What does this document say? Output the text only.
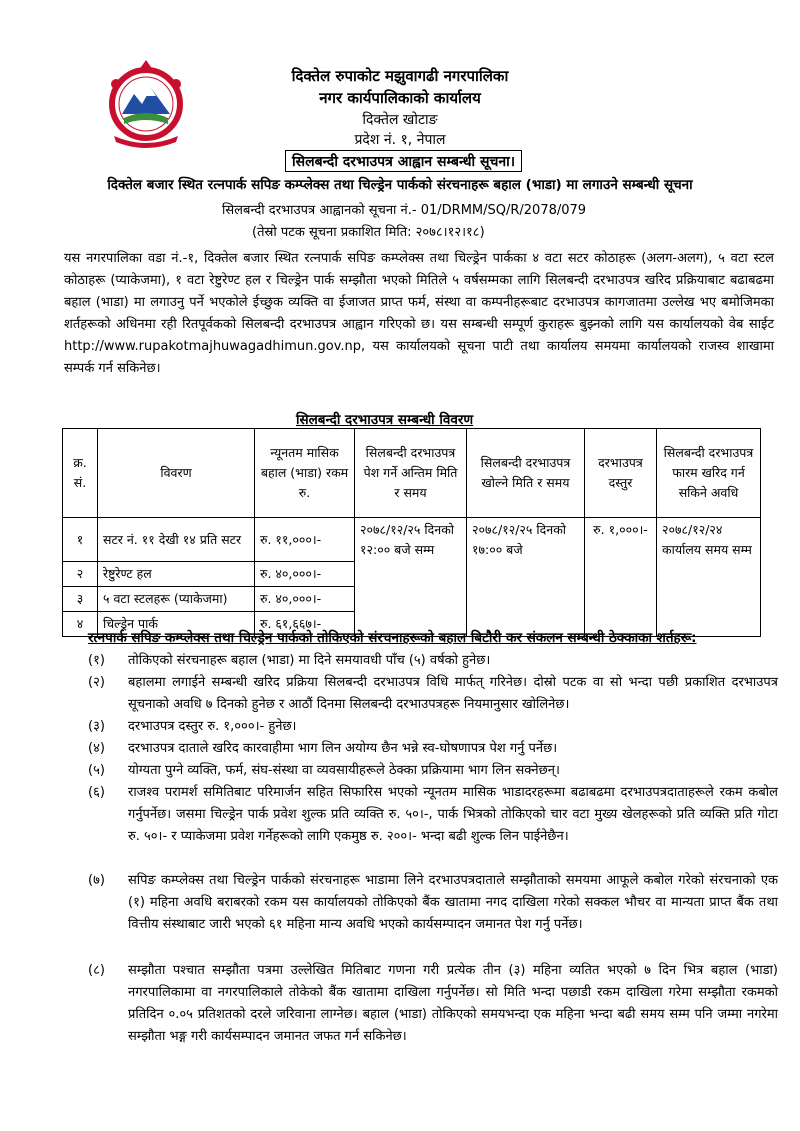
दिक्तेल रुपाकोट मझुवागढी नगरपालिका
नगर कार्यपालिकाको कार्यालय
दिक्तेल खोटाङ
प्रदेश नं. १, नेपाल
सिलबन्दी दरभाउपत्र आह्वान सम्बन्धी सूचना।
दिक्तेल बजार स्थित रत्नपार्क सपिङ कम्प्लेक्स तथा चिल्ड्रेन पार्कको संरचनाहरू बहाल (भाडा) मा लगाउने सम्बन्धी सूचना
सिलबन्दी दरभाउपत्र आह्वानको सूचना नं.- 01/DRMM/SQ/R/2078/079
(तेस्रो पटक सूचना प्रकाशित मिति: २०७८।१२।१८)
यस नगरपालिका वडा नं.-१, दिक्तेल बजार स्थित रत्नपार्क सपिङ कम्प्लेक्स तथा चिल्ड्रेन पार्कका ४ वटा सटर कोठाहरू (अलग-अलग), ५ वटा स्टल कोठाहरू (प्याकेजमा), १ वटा रेष्टुरेण्ट हल र चिल्ड्रेन पार्क सम्झौता भएको मितिले ५ वर्षसम्मका लागि सिलबन्दी दरभाउपत्र खरिद प्रक्रियाबाट बढाबढमा बहाल (भाडा) मा लगाउनु पर्ने भएकोले ईच्छुक व्यक्ति वा ईजाजत प्राप्त फर्म, संस्था वा कम्पनीहरूबाट दरभाउपत्र कागजातमा उल्लेख भए बमोजिमका शर्तहरूको अधिनमा रही रितपूर्वकको सिलबन्दी दरभाउपत्र आह्वान गरिएको छ। यस सम्बन्धी सम्पूर्ण कुराहरू बुझ्नको लागि यस कार्यालयको वेब साईट http://www.rupakotmajhuwagadhimun.gov.np, यस कार्यालयको सूचना पाटी तथा कार्यालय समयमा कार्यालयको राजस्व शाखामा सम्पर्क गर्न सकिनेछ।
सिलबन्दी दरभाउपत्र सम्बन्धी विवरण
क्र. सं.	विवरण	न्यूनतम मासिक बहाल (भाडा) रकम रु.	सिलबन्दी दरभाउपत्र पेश गर्ने अन्तिम मिति र समय	सिलबन्दी दरभाउपत्र खोल्ने मिति र समय	दरभाउपत्र दस्तुर	सिलबन्दी दरभाउपत्र फारम खरिद गर्न सकिने अवधि
१	सटर नं. ११ देखी १४ प्रति सटर	रु. ११,०००।-	२०७८/१२/२५ दिनको १२:०० बजे सम्म	२०७८/१२/२५ दिनको १७:०० बजे	रु. १,०००।-	२०७८/१२/२४ कार्यालय समय सम्म
२	रेष्टुरेण्ट हल	रु. ४०,०००।-				
३	५ वटा स्टलहरू (प्याकेजमा)	रु. ४०,०००।-				
४	चिल्ड्रेन पार्क	रु. ६१,६६७।-				
रत्नपार्क सपिङ कम्प्लेक्स तथा चिल्ड्रेन पार्कको तोकिएको संरचनाहरूको बहाल बिटौरी कर संकलन सम्बन्धी ठेक्काका शर्तहरू:
(१)	तोकिएको संरचनाहरू बहाल (भाडा) मा दिने समयावधी पाँच (५) वर्षको हुनेछ।
(२)	बहालमा लगाईने सम्बन्धी खरिद प्रक्रिया सिलबन्दी दरभाउपत्र विधि मार्फत् गरिनेछ। दोस्रो पटक वा सो भन्दा पछी प्रकाशित दरभाउपत्र सूचनाको अवधि ७ दिनको हुनेछ र आठौं दिनमा सिलबन्दी दरभाउपत्रहरू नियमानुसार खोलिनेछ।
(३)	दरभाउपत्र दस्तुर रु. १,०००।- हुनेछ।
(४)	दरभाउपत्र दाताले खरिद कारवाहीमा भाग लिन अयोग्य छैन भन्ने स्व-घोषणापत्र पेश गर्नु पर्नेछ।
(५)	योग्यता पुग्ने व्यक्ति, फर्म, संघ-संस्था वा व्यवसायीहरूले ठेक्का प्रक्रियामा भाग लिन सक्नेछन्।
(६)	राजश्व परामर्श समितिबाट परिमार्जन सहित सिफारिस भएको न्यूनतम मासिक भाडादरहरूमा बढाबढमा दरभाउपत्रदाताहरूले रकम कबोल गर्नुपर्नेछ। जसमा चिल्ड्रेन पार्क प्रवेश शुल्क प्रति व्यक्ति रु. ५०।-, पार्क भित्रको तोकिएको चार वटा मुख्य खेलहरूको प्रति व्यक्ति प्रति गोटा रु. ५०।- र प्याकेजमा प्रवेश गर्नेहरूको लागि एकमुष्ठ रु. २००।- भन्दा बढी शुल्क लिन पाईनेछैन।
(७)	सपिङ कम्प्लेक्स तथा चिल्ड्रेन पार्कको संरचनाहरू भाडामा लिने दरभाउपत्रदाताले सम्झौताको समयमा आफूले कबोल गरेको संरचनाको एक (१) महिना अवधि बराबरको रकम यस कार्यालयको तोकिएको बैंक खातामा नगद दाखिला गरेको सक्कल भौचर वा मान्यता प्राप्त बैंक तथा वित्तीय संस्थाबाट जारी भएको ६१ महिना मान्य अवधि भएको कार्यसम्पादन जमानत पेश गर्नु पर्नेछ।
(८)	सम्झौता पश्चात सम्झौता पत्रमा उल्लेखित मितिबाट गणना गरी प्रत्येक तीन (३) महिना व्यतित भएको ७ दिन भित्र बहाल (भाडा) नगरपालिकामा वा नगरपालिकाले तोकेको बैंक खातामा दाखिला गर्नुपर्नेछ। सो मिति भन्दा पछाडी रकम दाखिला गरेमा सम्झौता रकमको प्रतिदिन ०.०५ प्रतिशतको दरले जरिवाना लाग्नेछ। बहाल (भाडा) तोकिएको समयभन्दा एक महिना भन्दा बढी समय सम्म पनि जम्मा नगरेमा सम्झौता भङ्ग गरी कार्यसम्पादन जमानत जफत गर्न सकिनेछ।
